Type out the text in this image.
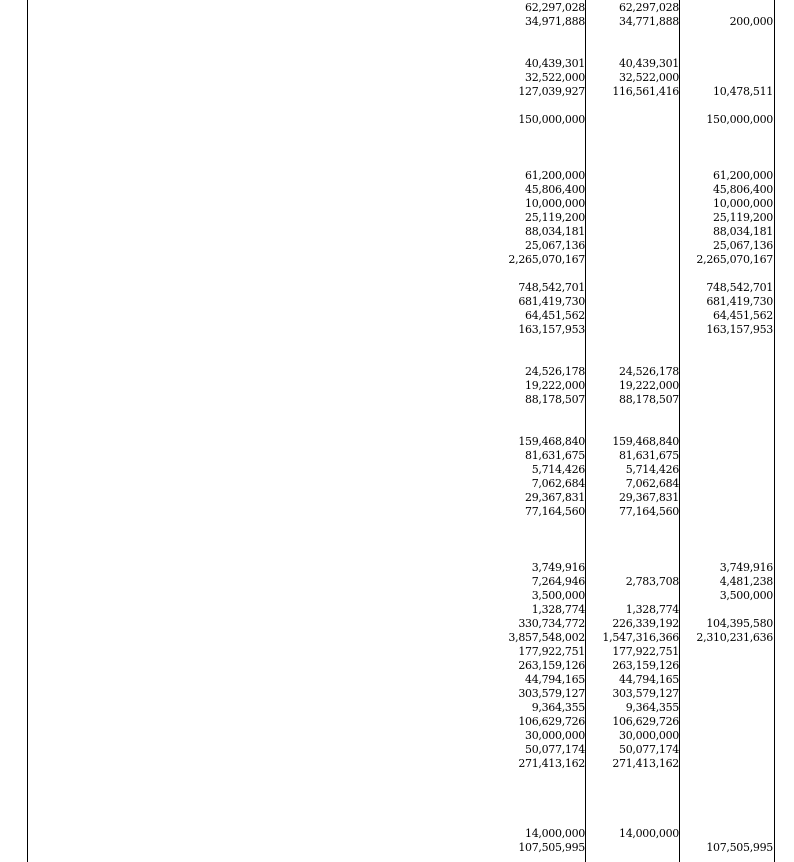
62,297,028
34,971,888
40,439,301
32,522,000
127,039,927
150,000,000
61,200,000
45,806,400
10,000,000
25,119,200
88,034,181
25,067,136
2,265,070,167
748,542,701
681,419,730
64,451,562
163,157,953
24,526,178
19,222,000
88,178,507
159,468,840
81,631,675
5,714,426
7,062,684
29,367,831
77,164,560
3,749,916
7,264,946
3,500,000
1,328,774
330,734,772
3,857,548,002
177,922,751
263,159,126
44,794,165
303,579,127
9,364,355
106,629,726
30,000,000
50,077,174
271,413,162
14,000,000
107,505,995
62,297,028
34,771,888
40,439,301
32,522,000
116,561,416
24,526,178
19,222,000
88,178,507
159,468,840
81,631,675
5,714,426
7,062,684
29,367,831
77,164,560
2,783,708
1,328,774
226,339,192
1,547,316,366
177,922,751
263,159,126
44,794,165
303,579,127
9,364,355
106,629,726
30,000,000
50,077,174
271,413,162
14,000,000
200,000
10,478,511
150,000,000
61,200,000
45,806,400
10,000,000
25,119,200
88,034,181
25,067,136
2,265,070,167
748,542,701
681,419,730
64,451,562
163,157,953
3,749,916
4,481,238
3,500,000
104,395,580
2,310,231,636
107,505,995
